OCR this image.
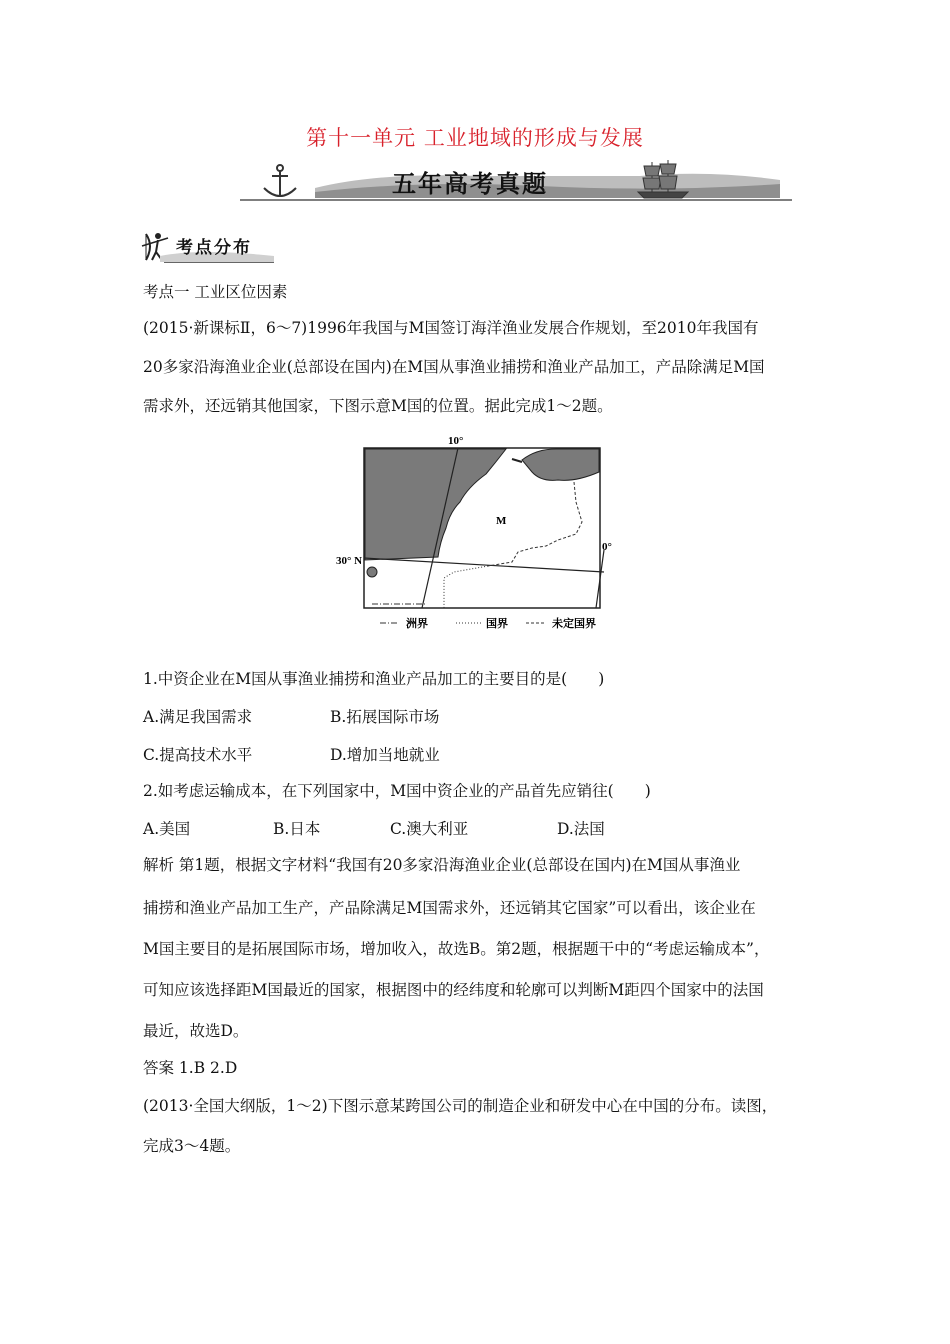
第十一单元 工业地域的形成与发展
五年高考真题
考点分布
考点一 工业区位因素
(2015·新课标Ⅱ，6～7)1996年我国与M国签订海洋渔业发展合作规划，至2010年我国有
20多家沿海渔业企业(总部设在国内)在M国从事渔业捕捞和渔业产品加工，产品除满足M国
需求外，还远销其他国家，下图示意M国的位置。据此完成1～2题。
10°
0°
30° N
M
洲界	国界	未定国界
1.中资企业在M国从事渔业捕捞和渔业产品加工的主要目的是(　　)
A.满足我国需求	B.拓展国际市场
C.提高技术水平	D.增加当地就业
2.如考虑运输成本，在下列国家中，M国中资企业的产品首先应销往(　　)
A.美国	B.日本	C.澳大利亚	D.法国
解析 第1题，根据文字材料“我国有20多家沿海渔业企业(总部设在国内)在M国从事渔业
捕捞和渔业产品加工生产，产品除满足M国需求外，还远销其它国家”可以看出，该企业在
M国主要目的是拓展国际市场，增加收入，故选B。第2题，根据题干中的“考虑运输成本”，
可知应该选择距M国最近的国家，根据图中的经纬度和轮廓可以判断M距四个国家中的法国
最近，故选D。
答案 1.B 2.D
(2013·全国大纲版，1～2)下图示意某跨国公司的制造企业和研发中心在中国的分布。读图，
完成3～4题。
